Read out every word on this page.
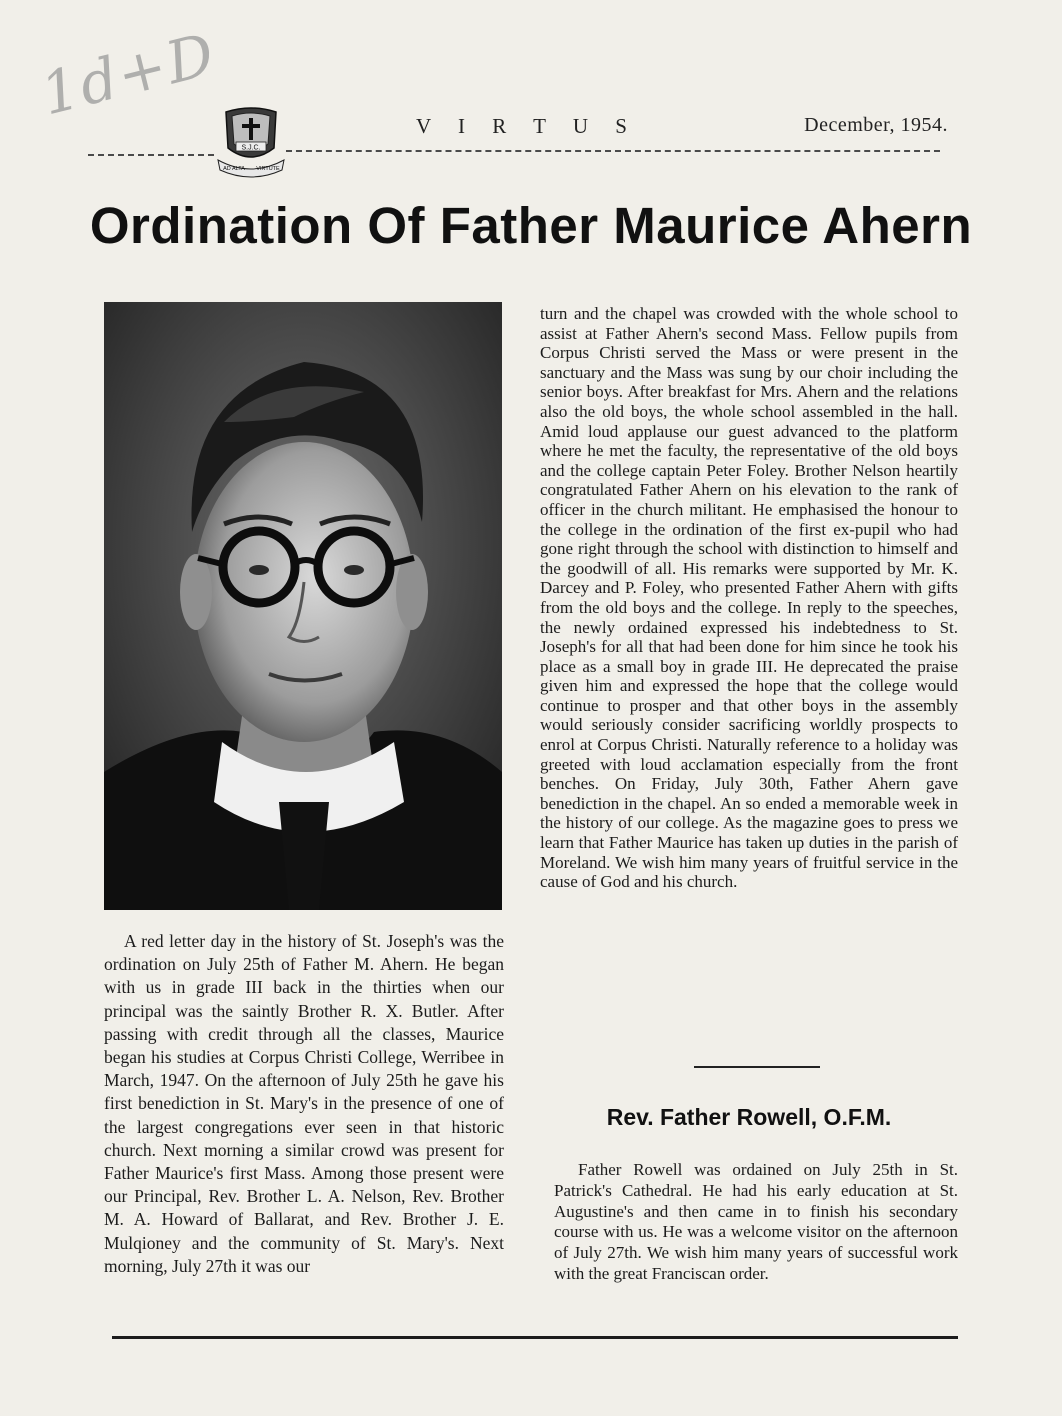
1d+D
S.J.C.
AD ALTA VIRTUTE
V I R T U S	December, 1954.
Ordination Of Father Maurice Ahern

A red letter day in the history of St. Joseph's was the ordination on July 25th of Father M. Ahern. He began with us in grade III back in the thirties when our principal was the saintly Brother R. X. Butler. After passing with credit through all the classes, Maurice began his studies at Corpus Christi College, Werribee in March, 1947. On the afternoon of July 25th he gave his first benediction in St. Mary's in the presence of one of the largest congregations ever seen in that historic church. Next morning a similar crowd was present for Father Maurice's first Mass. Among those present were our Principal, Rev. Brother L. A. Nelson, Rev. Brother M. A. Howard of Ballarat, and Rev. Brother J. E. Mulqioney and the community of St. Mary's. Next morning, July 27th it was our

turn and the chapel was crowded with the whole school to assist at Father Ahern's second Mass. Fellow pupils from Corpus Christi served the Mass or were present in the sanctuary and the Mass was sung by our choir including the senior boys. After breakfast for Mrs. Ahern and the relations also the old boys, the whole school assembled in the hall. Amid loud applause our guest advanced to the platform where he met the faculty, the representative of the old boys and the college captain Peter Foley. Brother Nelson heartily congratulated Father Ahern on his elevation to the rank of officer in the church militant. He emphasised the honour to the college in the ordination of the first ex-pupil who had gone right through the school with distinction to himself and the goodwill of all. His remarks were supported by Mr. K. Darcey and P. Foley, who presented Father Ahern with gifts from the old boys and the college. In reply to the speeches, the newly ordained expressed his indebtedness to St. Joseph's for all that had been done for him since he took his place as a small boy in grade III. He deprecated the praise given him and expressed the hope that the college would continue to prosper and that other boys in the assembly would seriously consider sacrificing worldly prospects to enrol at Corpus Christi. Naturally reference to a holiday was greeted with loud acclamation especially from the front benches. On Friday, July 30th, Father Ahern gave benediction in the chapel. An so ended a memorable week in the history of our college. As the magazine goes to press we learn that Father Maurice has taken up duties in the parish of Moreland. We wish him many years of fruitful service in the cause of God and his church.

Rev. Father Rowell, O.F.M.

Father Rowell was ordained on July 25th in St. Patrick's Cathedral. He had his early education at St. Augustine's and then came in to finish his secondary course with us. He was a welcome visitor on the afternoon of July 27th. We wish him many years of successful work with the great Franciscan order.
